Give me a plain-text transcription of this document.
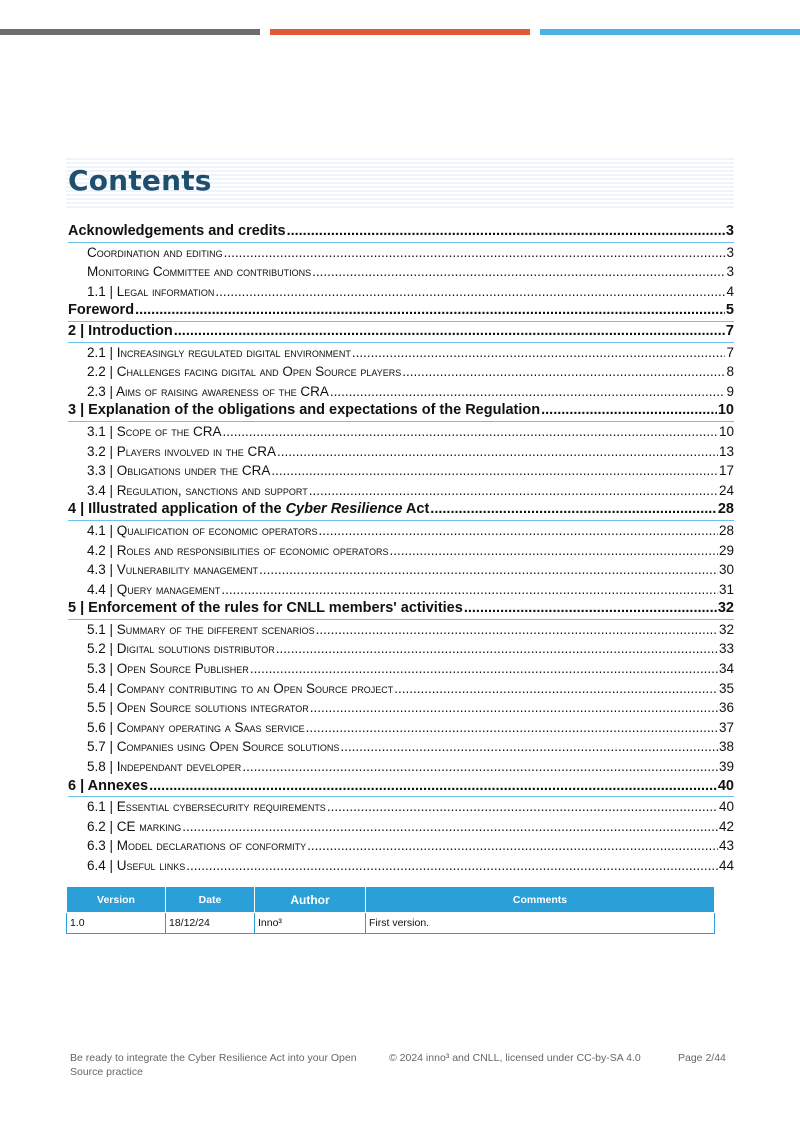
Contents
Acknowledgements and credits .....	3
Coordination and editing .....	3
Monitoring Committee and contributions .....	3
1.1 | Legal information .....	4
Foreword .....	5
2 | Introduction .....	7
2.1 | Increasingly regulated digital environment .....	7
2.2 | Challenges facing digital and Open Source players .....	8
2.3 | Aims of raising awareness of the CRA .....	9
3 | Explanation of the obligations and expectations of the Regulation .....	10
3.1 | Scope of the CRA .....	10
3.2 | Players involved in the CRA .....	13
3.3 | Obligations under the CRA .....	17
3.4 | Regulation, sanctions and support .....	24
4 | Illustrated application of the Cyber Resilience Act .....	28
4.1 | Qualification of economic operators .....	28
4.2 | Roles and responsibilities of economic operators .....	29
4.3 | Vulnerability management .....	30
4.4 | Query management .....	31
5 | Enforcement of the rules for CNLL members' activities .....	32
5.1 | Summary of the different scenarios .....	32
5.2 | Digital solutions distributor .....	33
5.3 | Open Source Publisher .....	34
5.4 | Company contributing to an Open Source project .....	35
5.5 | Open Source solutions integrator .....	36
5.6 | Company operating a Saas service .....	37
5.7 | Companies using Open Source solutions .....	38
5.8 | Independant developer .....	39
6 | Annexes .....	40
6.1 | Essential cybersecurity requirements .....	40
6.2 | CE marking .....	42
6.3 | Model declarations of conformity .....	43
6.4 | Useful links .....	44
Version	Date	Author	Comments
1.0	18/12/24	Inno³	First version.
Be ready to integrate the Cyber Resilience Act into your Open Source practice
© 2024 inno³ and CNLL, licensed under CC-by-SA 4.0	Page 2/44
